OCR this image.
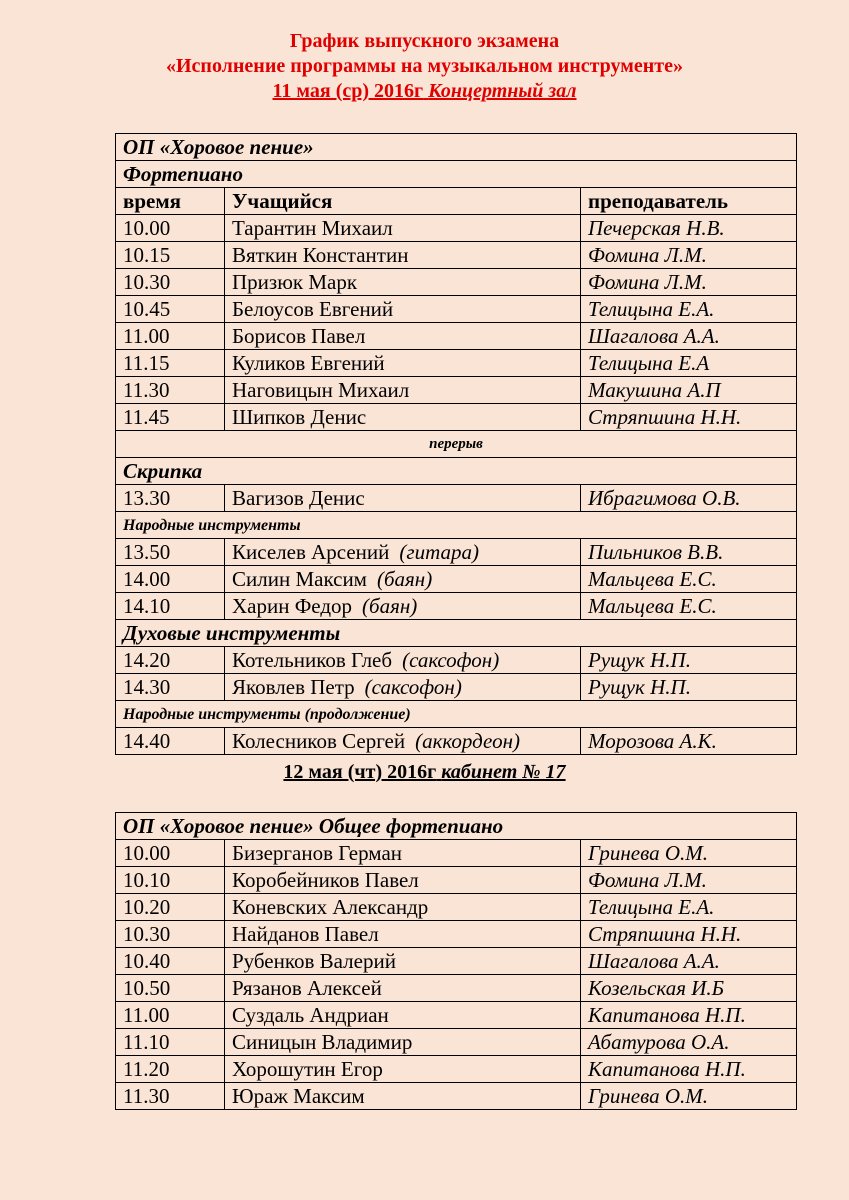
График выпускного экзамена
«Исполнение программы на музыкальном инструменте»
11 мая (ср) 2016г Концертный зал
ОП «Хоровое пение»		
Фортепиано		
время	Учащийся	преподаватель
10.00	Тарантин Михаил	Печерская Н.В.
10.15	Вяткин Константин	Фомина Л.М.
10.30	Призюк Марк	Фомина Л.М.
10.45	Белоусов Евгений	Телицына Е.А.
11.00	Борисов Павел	Шагалова А.А.
11.15	Куликов Евгений	Телицына Е.А
11.30	Наговицын Михаил	Макушина А.П
11.45	Шипков Денис	Стряпшина Н.Н.
перерыв		
Скрипка		
13.30	Вагизов Денис	Ибрагимова О.В.
Народные инструменты		
13.50	Киселев Арсений (гитара)	Пильников В.В.
14.00	Силин Максим (баян)	Мальцева Е.С.
14.10	Харин Федор (баян)	Мальцева Е.С.
Духовые инструменты		
14.20	Котельников Глеб (саксофон)	Рущук Н.П.
14.30	Яковлев Петр (саксофон)	Рущук Н.П.
Народные инструменты (продолжение)		
14.40	Колесников Сергей (аккордеон)	Морозова А.К.
12 мая (чт) 2016г кабинет № 17
ОП «Хоровое пение» Общее фортепиано		
10.00	Бизерганов Герман	Гринева О.М.
10.10	Коробейников Павел	Фомина Л.М.
10.20	Коневских Александр	Телицына Е.А.
10.30	Найданов Павел	Стряпшина Н.Н.
10.40	Рубенков Валерий	Шагалова А.А.
10.50	Рязанов Алексей	Козельская И.Б
11.00	Суздаль Андриан	Капитанова Н.П.
11.10	Синицын Владимир	Абатурова О.А.
11.20	Хорошутин Егор	Капитанова Н.П.
11.30	Юраж Максим	Гринева О.М.
